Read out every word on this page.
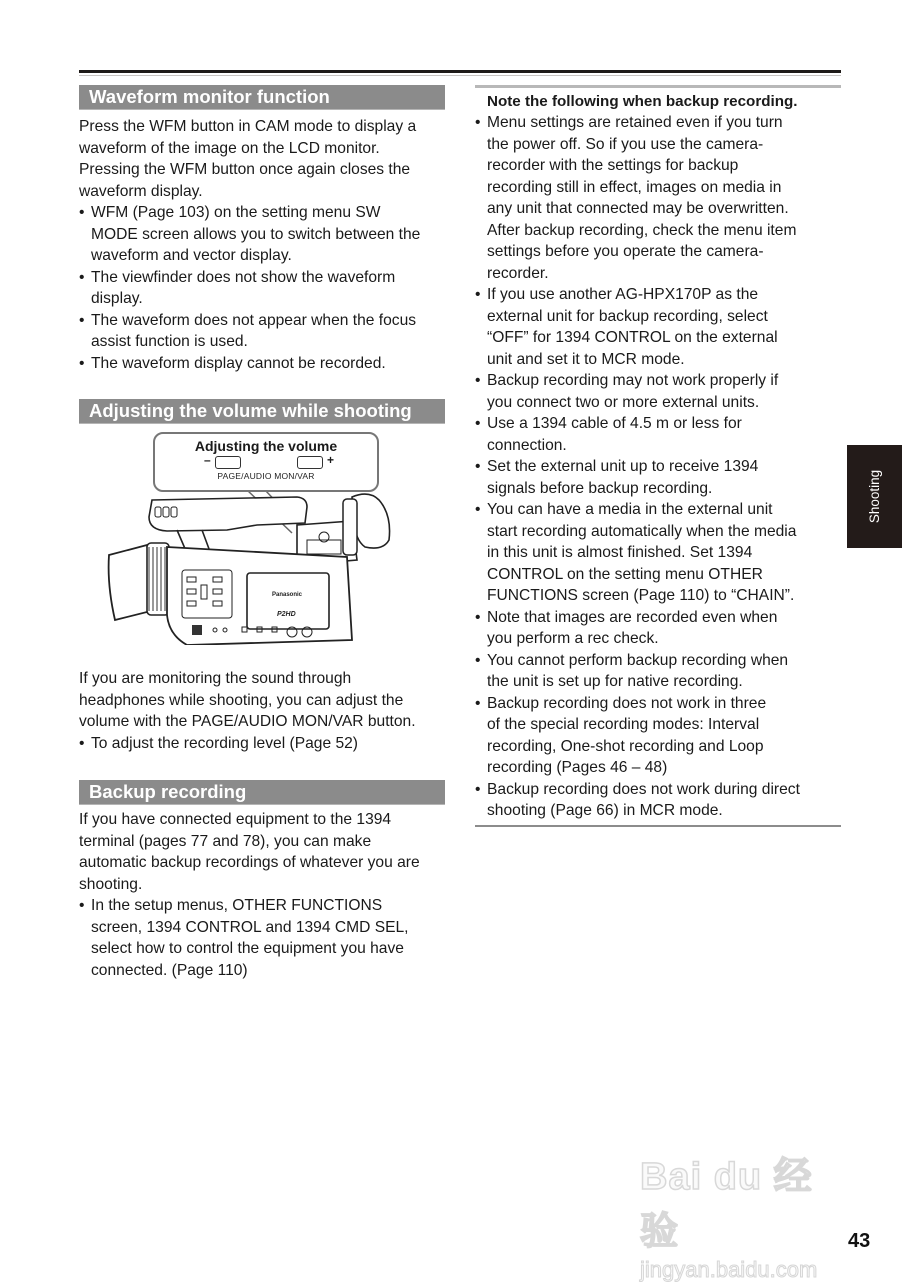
Waveform monitor function

Press the WFM button in CAM mode to display a
waveform of the image on the LCD monitor.
Pressing the WFM button once again closes the
waveform display.

• WFM (Page 103) on the setting menu SW
MODE screen allows you to switch between the
waveform and vector display.
• The viewfinder does not show the waveform
display.
• The waveform does not appear when the focus
assist function is used.
• The waveform display cannot be recorded.
Adjusting the volume while shooting
Panasonic
P2HD
Adjusting the volume
–	+
PAGE/AUDIO MON/VAR

If you are monitoring the sound through
headphones while shooting, you can adjust the
volume with the PAGE/AUDIO MON/VAR button.

• To adjust the recording level (Page 52)
Backup recording

If you have connected equipment to the 1394
terminal (pages 77 and 78), you can make
automatic backup recordings of whatever you are
shooting.

• In the setup menus, OTHER FUNCTIONS
screen, 1394 CONTROL and 1394 CMD SEL,
select how to control the equipment you have
connected. (Page 110)

Note the following when backup recording.

• Menu settings are retained even if you turn
the power off. So if you use the camera-
recorder with the settings for backup
recording still in effect, images on media in
any unit that connected may be overwritten.
After backup recording, check the menu item
settings before you operate the camera-
recorder.
• If you use another AG-HPX170P as the
external unit for backup recording, select
“OFF” for 1394 CONTROL on the external
unit and set it to MCR mode.
• Backup recording may not work properly if
you connect two or more external units.
• Use a 1394 cable of 4.5 m or less for
connection.
• Set the external unit up to receive 1394
signals before backup recording.
• You can have a media in the external unit
start recording automatically when the media
in this unit is almost finished. Set 1394
CONTROL on the setting menu OTHER
FUNCTIONS screen (Page 110) to “CHAIN”.
• Note that images are recorded even when
you perform a rec check.
• You cannot perform backup recording when
the unit is set up for native recording.
• Backup recording does not work in three
of the special recording modes: Interval
recording, One-shot recording and Loop
recording (Pages 46 – 48)
• Backup recording does not work during direct
shooting (Page 66) in MCR mode.
Shooting
Bai du 经验
jingyan.baidu.com
43
